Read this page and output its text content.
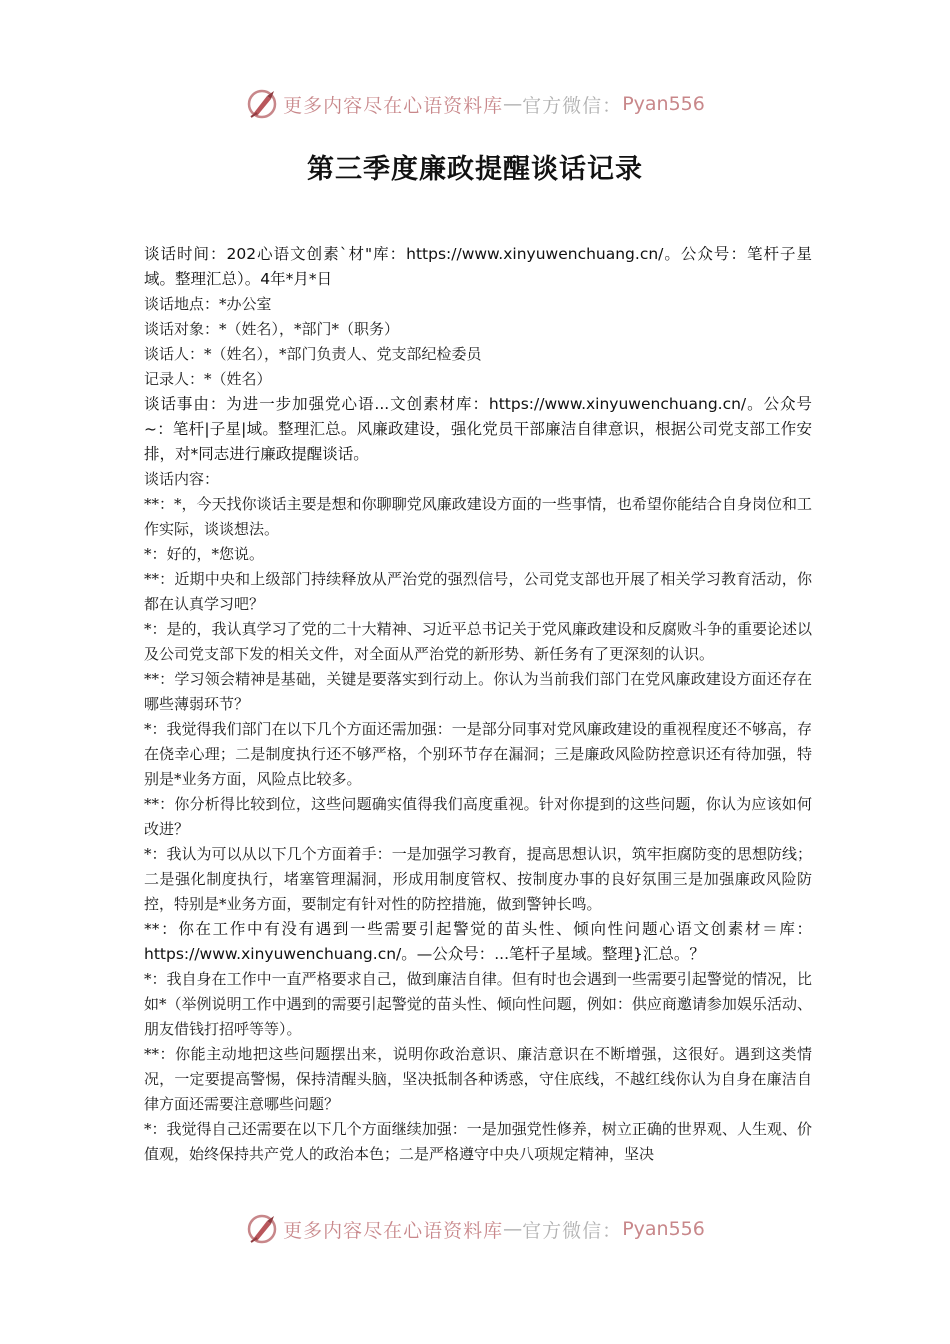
更多内容尽在心语资料库 — 官方微信： Pyan556
第三季度廉政提醒谈话记录

谈话时间：202心语文创素`材"库：https://www.xinyuwenchuang.cn/。公众号：笔杆子星域。整理汇总）。4年*月*日

谈话地点：*办公室

谈话对象：*（姓名），*部门*（职务）

谈话人：*（姓名），*部门负责人、党支部纪检委员

记录人：*（姓名）

谈话事由：为进一步加强党心语...文创素材库：https://www.xinyuwenchuang.cn/。公众号~：笔杆|子星|域。整理汇总。风廉政建设，强化党员干部廉洁自律意识，根据公司党支部工作安排，对*同志进行廉政提醒谈话。

谈话内容：

**：*，今天找你谈话主要是想和你聊聊党风廉政建设方面的一些事情，也希望你能结合自身岗位和工作实际，谈谈想法。

*：好的，*您说。

**：近期中央和上级部门持续释放从严治党的强烈信号，公司党支部也开展了相关学习教育活动，你都在认真学习吧？

*：是的，我认真学习了党的二十大精神、习近平总书记关于党风廉政建设和反腐败斗争的重要论述以及公司党支部下发的相关文件，对全面从严治党的新形势、新任务有了更深刻的认识。

**：学习领会精神是基础，关键是要落实到行动上。你认为当前我们部门在党风廉政建设方面还存在哪些薄弱环节？

*：我觉得我们部门在以下几个方面还需加强：一是部分同事对党风廉政建设的重视程度还不够高，存在侥幸心理；二是制度执行还不够严格，个别环节存在漏洞；三是廉政风险防控意识还有待加强，特别是*业务方面，风险点比较多。

**：你分析得比较到位，这些问题确实值得我们高度重视。针对你提到的这些问题，你认为应该如何改进？

*：我认为可以从以下几个方面着手：一是加强学习教育，提高思想认识，筑牢拒腐防变的思想防线；二是强化制度执行，堵塞管理漏洞，形成用制度管权、按制度办事的良好氛围三是加强廉政风险防控，特别是*业务方面，要制定有针对性的防控措施，做到警钟长鸣。

**：你在工作中有没有遇到一些需要引起警觉的苗头性、倾向性问题心语文创素材＝库：https://www.xinyuwenchuang.cn/。—公众号：...笔杆子星域。整理}汇总。？

*：我自身在工作中一直严格要求自己，做到廉洁自律。但有时也会遇到一些需要引起警觉的情况，比如*（举例说明工作中遇到的需要引起警觉的苗头性、倾向性问题，例如：供应商邀请参加娱乐活动、朋友借钱打招呼等等）。

**：你能主动地把这些问题摆出来，说明你政治意识、廉洁意识在不断增强，这很好。遇到这类情况，一定要提高警惕，保持清醒头脑，坚决抵制各种诱惑，守住底线，不越红线你认为自身在廉洁自律方面还需要注意哪些问题？

*：我觉得自己还需要在以下几个方面继续加强：一是加强党性修养，树立正确的世界观、人生观、价值观，始终保持共产党人的政治本色；二是严格遵守中央八项规定精神，坚决

更多内容尽在心语资料库 — 官方微信： Pyan556
